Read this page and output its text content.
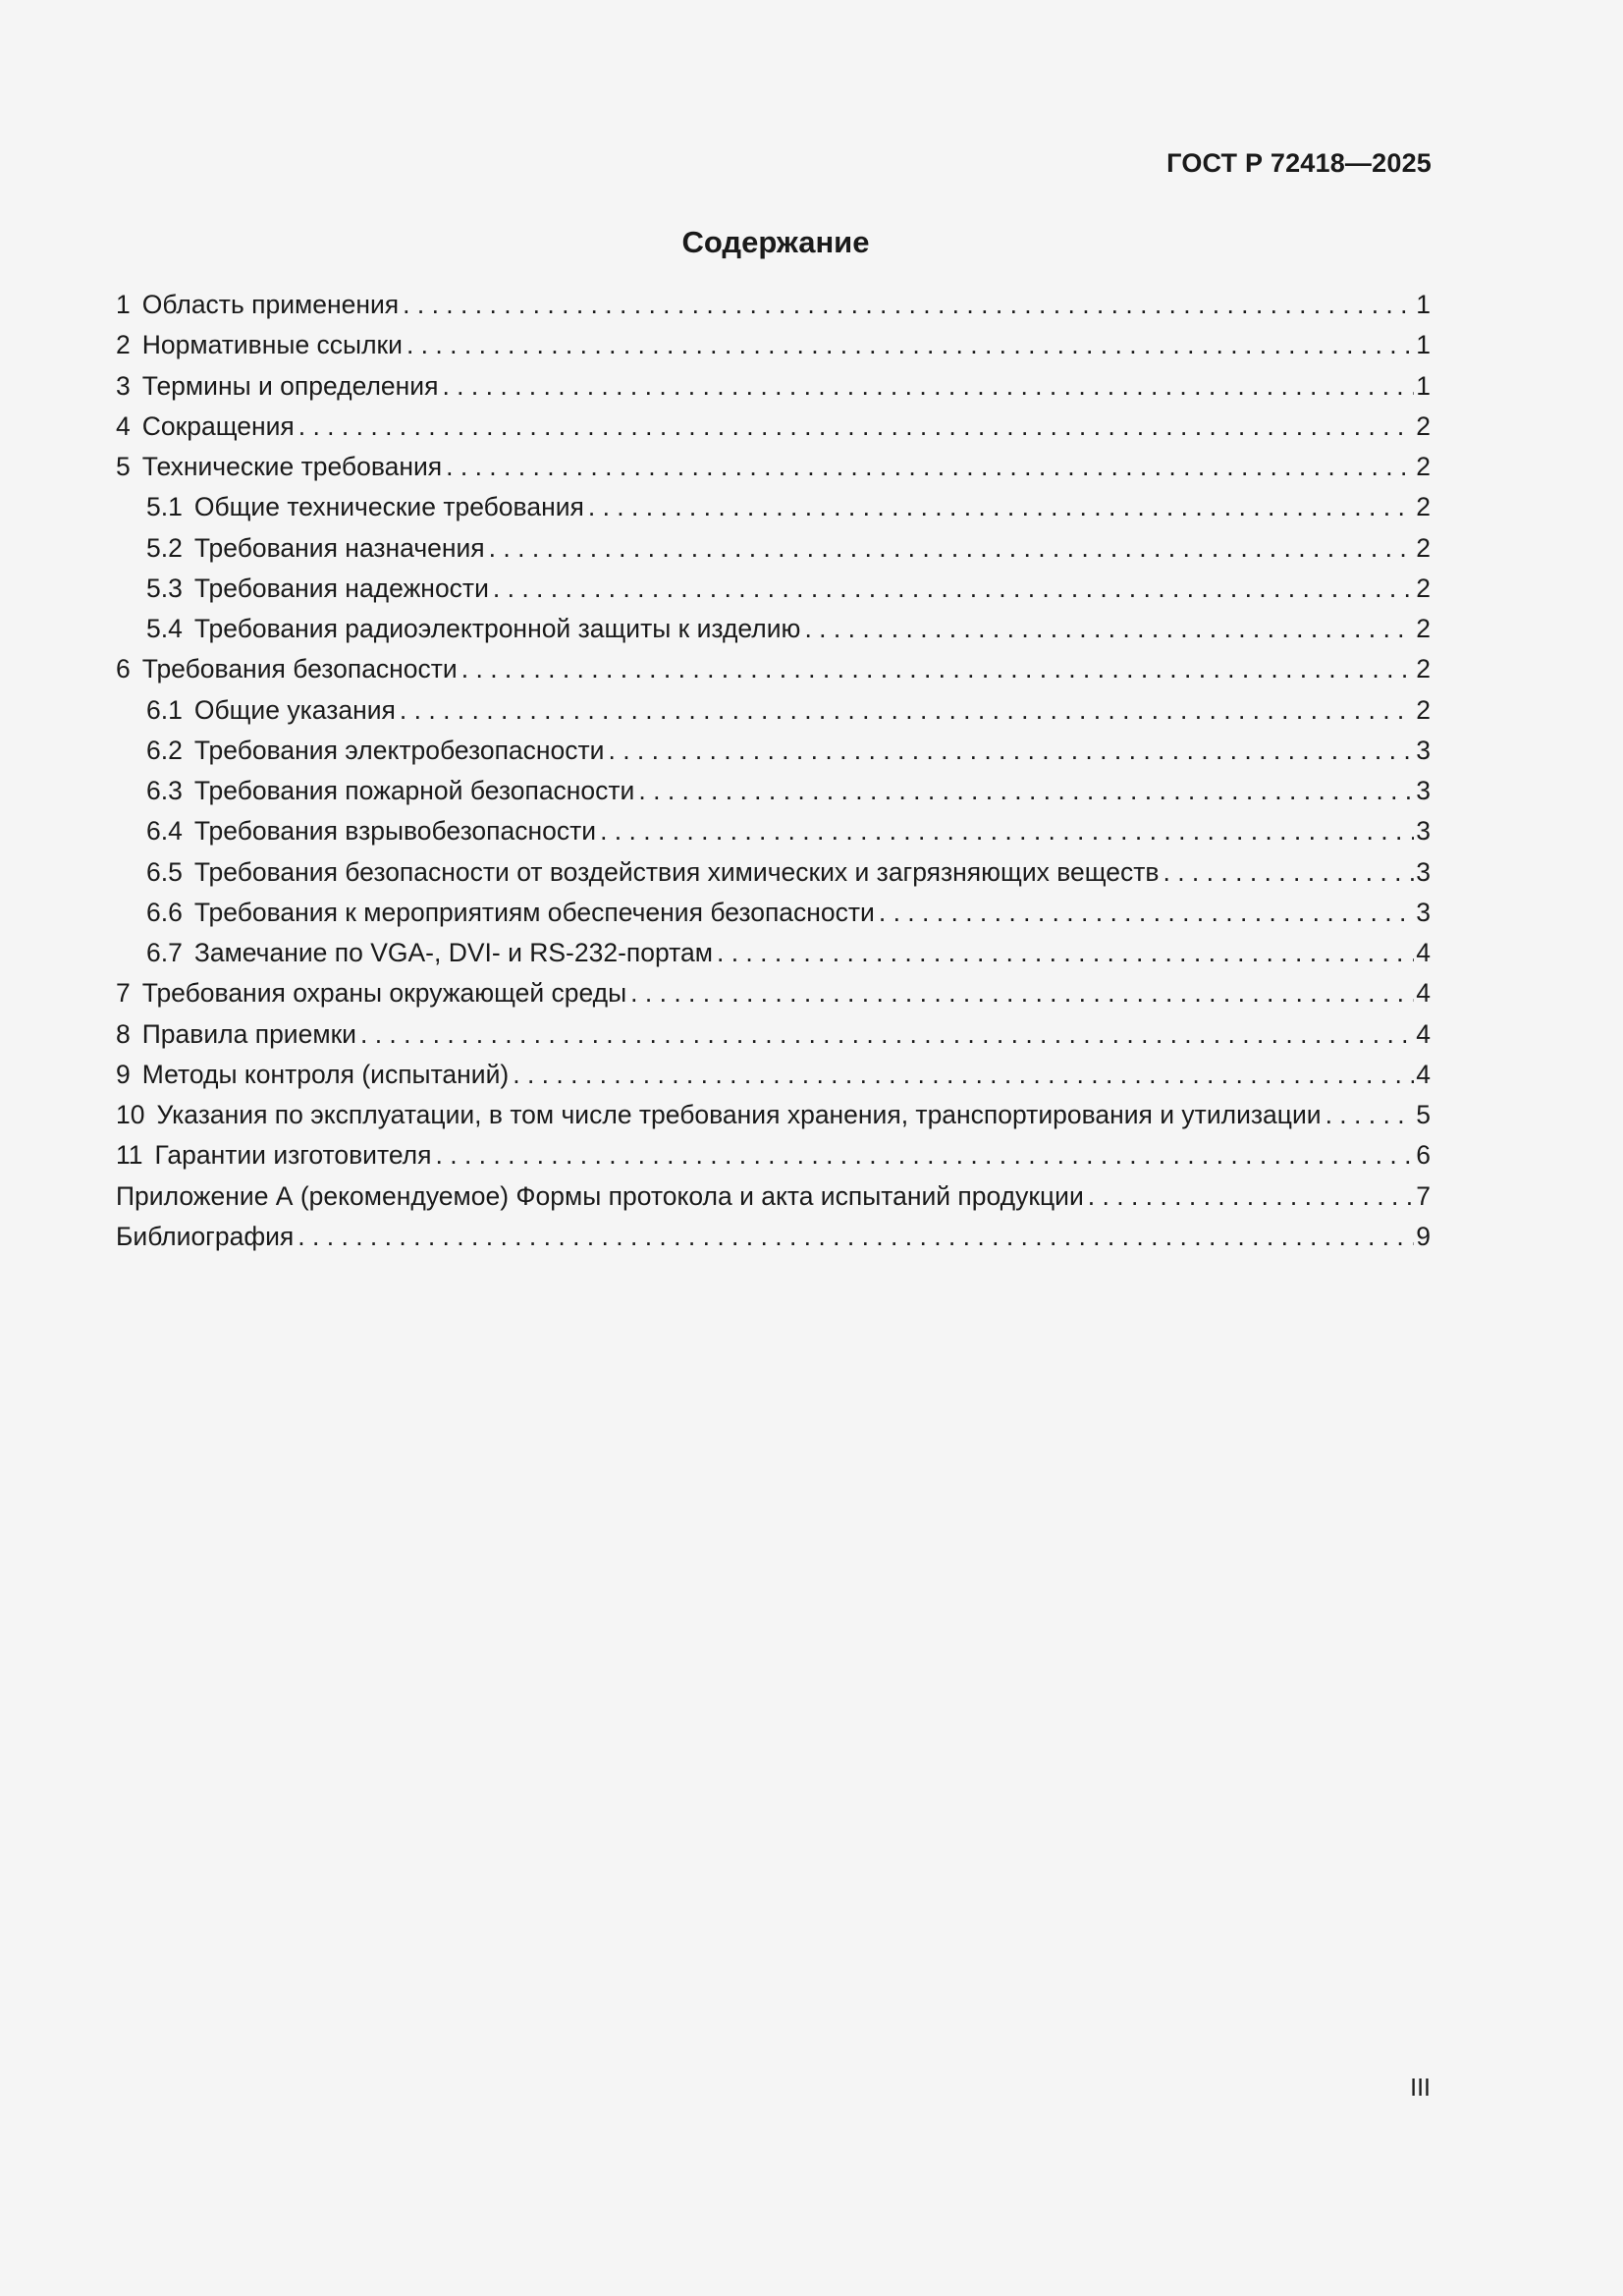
ГОСТ Р 72418—2025
Содержание
1 Область применения . . .	1
2 Нормативные ссылки . . .	1
3 Термины и определения . . .	1
4 Сокращения . . .	2
5 Технические требования . . .	2
5.1 Общие технические требования . . .	2
5.2 Требования назначения . . .	2
5.3 Требования надежности . . .	2
5.4 Требования радиоэлектронной защиты к изделию . . .	2
6 Требования безопасности . . .	2
6.1 Общие указания . . .	2
6.2 Требования электробезопасности . . .	3
6.3 Требования пожарной безопасности . . .	3
6.4 Требования взрывобезопасности . . .	3
6.5 Требования безопасности от воздействия химических и загрязняющих веществ . . .	3
6.6 Требования к мероприятиям обеспечения безопасности . . .	3
6.7 Замечание по VGA-, DVI- и RS-232-портам . . .	4
7 Требования охраны окружающей среды . . .	4
8 Правила приемки . . .	4
9 Методы контроля (испытаний) . . .	4
10 Указания по эксплуатации, в том числе требования хранения, транспортирования и утилизации . . .	5
11 Гарантии изготовителя . . .	6
Приложение А (рекомендуемое) Формы протокола и акта испытаний продукции . . .	7
Библиография . . .	9
III
